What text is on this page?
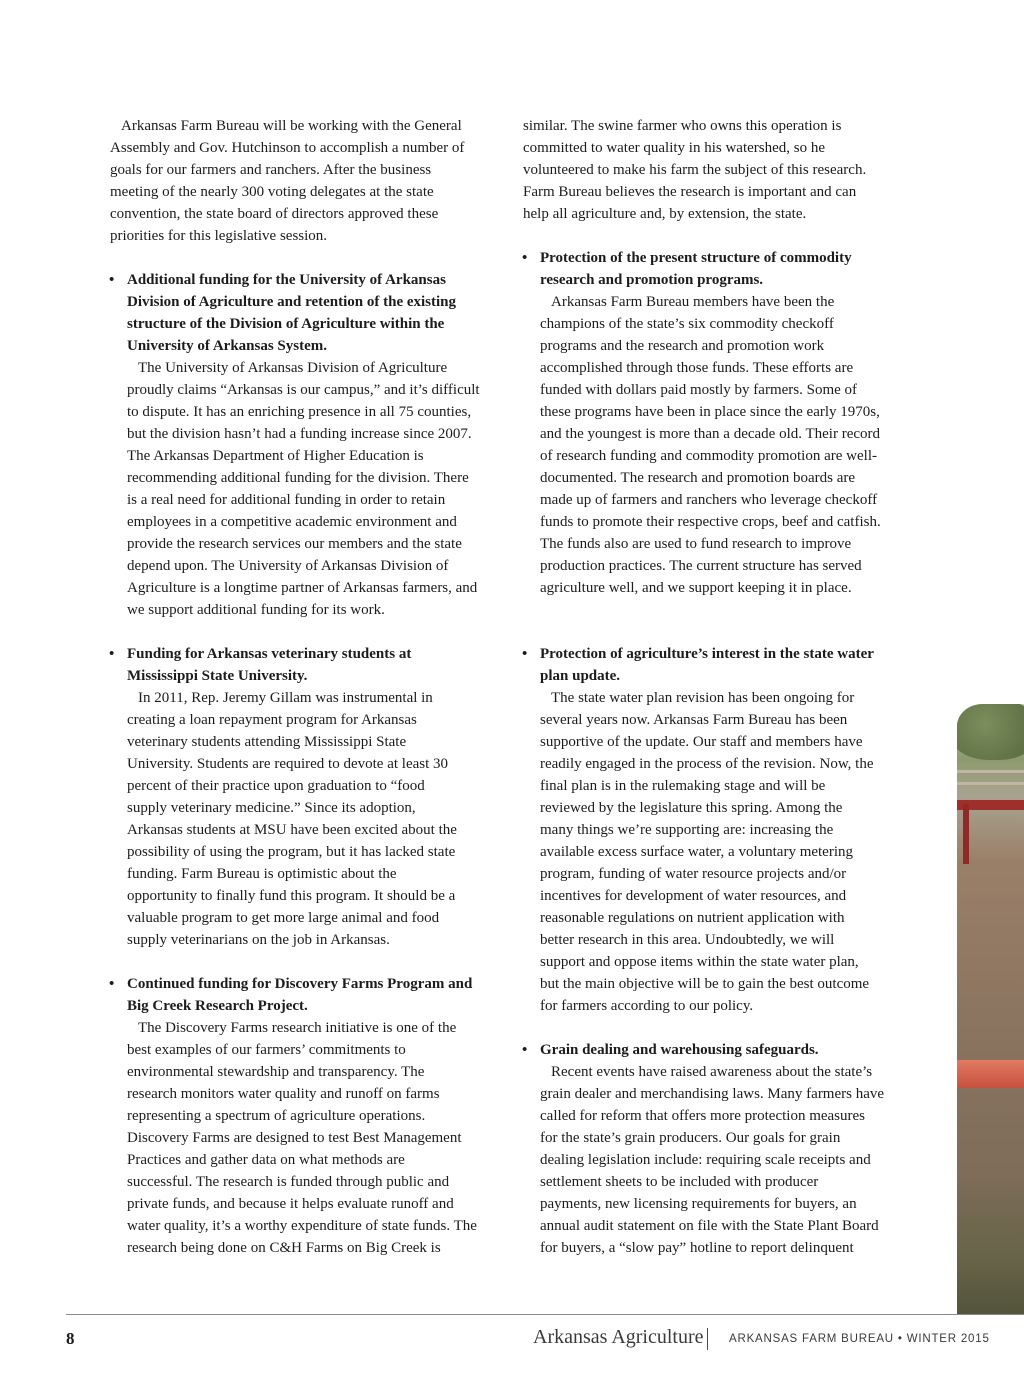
Arkansas Farm Bureau will be working with the General

Assembly and Gov. Hutchinson to accomplish a number of

goals for our farmers and ranchers. After the business

meeting of the nearly 300 voting delegates at the state

convention, the state board of directors approved these

priorities for this legislative session.

• Additional funding for the University of Arkansas

Division of Agriculture and retention of the existing

structure of the Division of Agriculture within the

University of Arkansas System.

The University of Arkansas Division of Agriculture

proudly claims “Arkansas is our campus,” and it’s difficult

to dispute. It has an enriching presence in all 75 counties,

but the division hasn’t had a funding increase since 2007.

The Arkansas Department of Higher Education is

recommending additional funding for the division. There

is a real need for additional funding in order to retain

employees in a competitive academic environment and

provide the research services our members and the state

depend upon. The University of Arkansas Division of

Agriculture is a longtime partner of Arkansas farmers, and

we support additional funding for its work.

• Funding for Arkansas veterinary students at

Mississippi State University.

In 2011, Rep. Jeremy Gillam was instrumental in

creating a loan repayment program for Arkansas

veterinary students attending Mississippi State

University. Students are required to devote at least 30

percent of their practice upon graduation to “food

supply veterinary medicine.” Since its adoption,

Arkansas students at MSU have been excited about the

possibility of using the program, but it has lacked state

funding. Farm Bureau is optimistic about the

opportunity to finally fund this program. It should be a

valuable program to get more large animal and food

supply veterinarians on the job in Arkansas.

• Continued funding for Discovery Farms Program and

Big Creek Research Project.

The Discovery Farms research initiative is one of the

best examples of our farmers’ commitments to

environmental stewardship and transparency. The

research monitors water quality and runoff on farms

representing a spectrum of agriculture operations.

Discovery Farms are designed to test Best Management

Practices and gather data on what methods are

successful. The research is funded through public and

private funds, and because it helps evaluate runoff and

water quality, it’s a worthy expenditure of state funds. The

research being done on C&H Farms on Big Creek is

similar. The swine farmer who owns this operation is

committed to water quality in his watershed, so he

volunteered to make his farm the subject of this research.

Farm Bureau believes the research is important and can

help all agriculture and, by extension, the state.

• Protection of the present structure of commodity

research and promotion programs.

Arkansas Farm Bureau members have been the

champions of the state’s six commodity checkoff

programs and the research and promotion work

accomplished through those funds. These efforts are

funded with dollars paid mostly by farmers. Some of

these programs have been in place since the early 1970s,

and the youngest is more than a decade old. Their record

of research funding and commodity promotion are well-

documented. The research and promotion boards are

made up of farmers and ranchers who leverage checkoff

funds to promote their respective crops, beef and catfish.

The funds also are used to fund research to improve

production practices. The current structure has served

agriculture well, and we support keeping it in place.

• Protection of agriculture’s interest in the state water

plan update.

The state water plan revision has been ongoing for

several years now. Arkansas Farm Bureau has been

supportive of the update. Our staff and members have

readily engaged in the process of the revision. Now, the

final plan is in the rulemaking stage and will be

reviewed by the legislature this spring. Among the

many things we’re supporting are: increasing the

available excess surface water, a voluntary metering

program, funding of water resource projects and/or

incentives for development of water resources, and

reasonable regulations on nutrient application with

better research in this area. Undoubtedly, we will

support and oppose items within the state water plan,

but the main objective will be to gain the best outcome

for farmers according to our policy.

• Grain dealing and warehousing safeguards.

Recent events have raised awareness about the state’s

grain dealer and merchandising laws. Many farmers have

called for reform that offers more protection measures

for the state’s grain producers. Our goals for grain

dealing legislation include: requiring scale receipts and

settlement sheets to be included with producer

payments, new licensing requirements for buyers, an

annual audit statement on file with the State Plant Board

for buyers, a “slow pay” hotline to report delinquent

8	Arkansas Agriculture ARKANSAS FARM BUREAU • WINTER 2015
